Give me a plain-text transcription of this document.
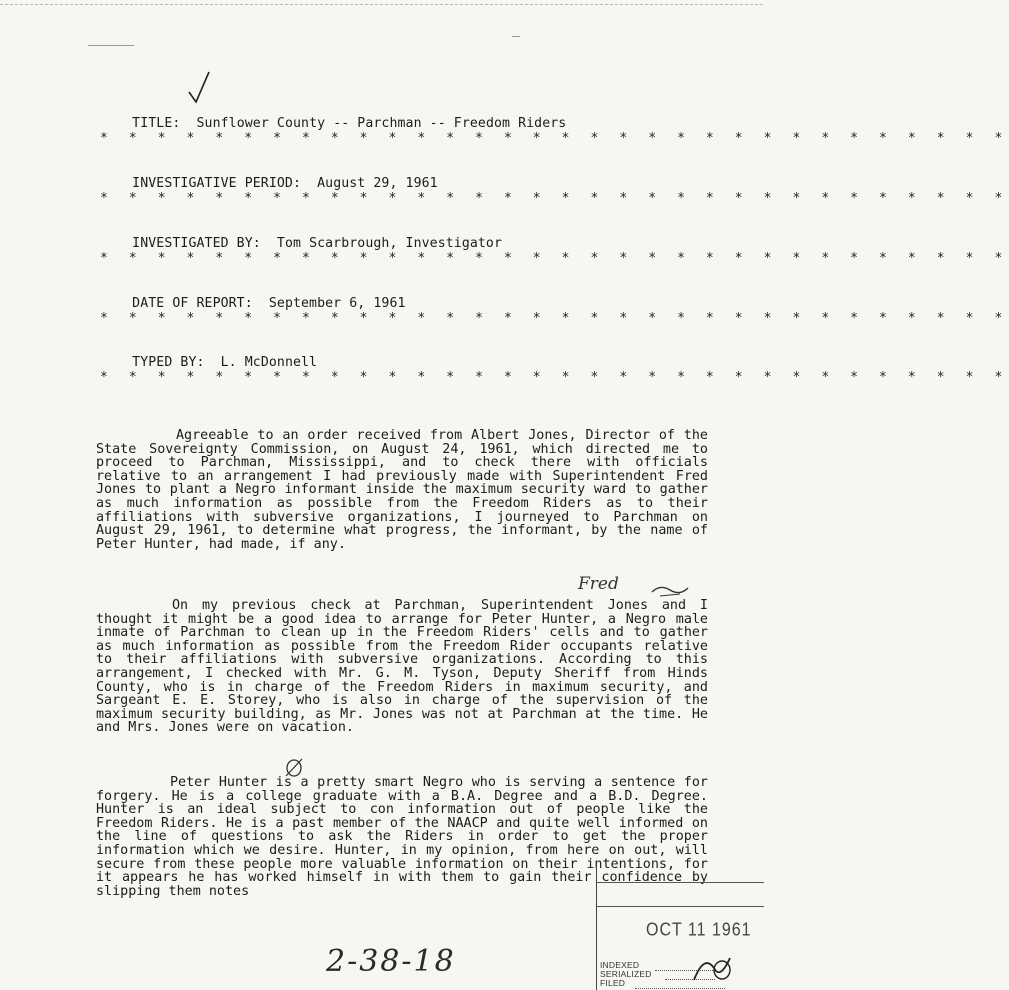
TITLE: Sunflower County -- Parchman -- Freedom Riders

* * * * * * * * * * * * * * * * * * * * * * * * * * * * * * * *

INVESTIGATIVE PERIOD: August 29, 1961

* * * * * * * * * * * * * * * * * * * * * * * * * * * * * * * *

INVESTIGATED BY: Tom Scarbrough, Investigator

* * * * * * * * * * * * * * * * * * * * * * * * * * * * * * * *

DATE OF REPORT: September 6, 1961

* * * * * * * * * * * * * * * * * * * * * * * * * * * * * * * *

TYPED BY: L. McDonnell

* * * * * * * * * * * * * * * * * * * * * * * * * * * * * * * *
Agreeable to an order received from Albert Jones, Director of the State Sovereignty Commission, on August 24, 1961, which directed me to proceed to Parchman, Mississippi, and to check there with officials relative to an arrangement I had previously made with Superintendent Fred Jones to plant a Negro informant inside the maximum security ward to gather as much information as possible from the Freedom Riders as to their affiliations with subversive organizations, I journeyed to Parchman on August 29, 1961, to determine what progress, the informant, by the name of Peter Hunter, had made, if any.
On my previous check at Parchman, Superintendent Jones and I thought it might be a good idea to arrange for Peter Hunter, a Negro male inmate of Parchman to clean up in the Freedom Riders' cells and to gather as much information as possible from the Freedom Rider occupants relative to their affiliations with subversive organizations. According to this arrangement, I checked with Mr. G. M. Tyson, Deputy Sheriff from Hinds County, who is in charge of the Freedom Riders in maximum security, and Sargeant E. E. Storey, who is also in charge of the supervision of the maximum security building, as Mr. Jones was not at Parchman at the time. He and Mrs. Jones were on vacation.
Peter Hunter is a pretty smart Negro who is serving a sentence for forgery. He is a college graduate with a B.A. Degree and a B.D. Degree. Hunter is an ideal subject to con information out of people like the Freedom Riders. He is a past member of the NAACP and quite well informed on the line of questions to ask the Riders in order to get the proper information which we desire. Hunter, in my opinion, from here on out, will secure from these people more valuable information on their intentions, for it appears he has worked himself in with them to gain their confidence by slipping them notes
Fred
OCT 11 1961
INDEXED
SERIALIZED
FILED
2-38-18
